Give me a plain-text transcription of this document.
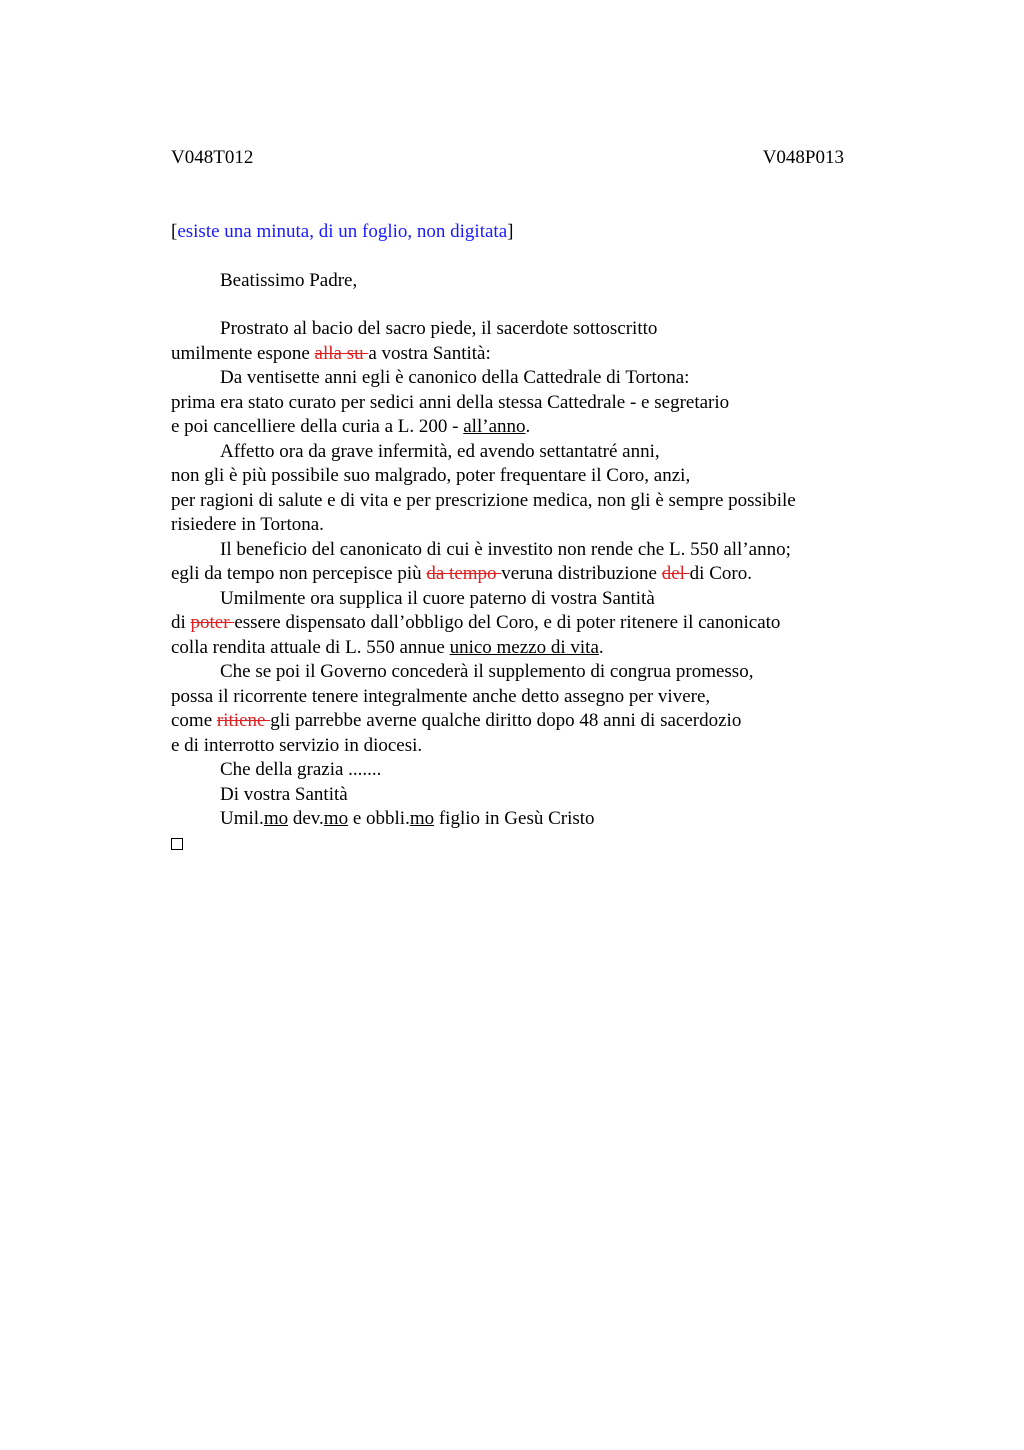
V048T012	V048P013
[esiste una minuta, di un foglio, non digitata]
Beatissimo Padre,
Prostrato al bacio del sacro piede, il sacerdote sottoscritto
umilmente espone alla su a vostra Santità:
Da ventisette anni egli è canonico della Cattedrale di Tortona:
prima era stato curato per sedici anni della stessa Cattedrale - e segretario
e poi cancelliere della curia a L. 200 - all’anno.
Affetto ora da grave infermità, ed avendo settantatré anni,
non gli è più possibile suo malgrado, poter frequentare il Coro, anzi,
per ragioni di salute e di vita e per prescrizione medica, non gli è sempre possibile
risiedere in Tortona.
Il beneficio del canonicato di cui è investito non rende che L. 550 all’anno;
egli da tempo non percepisce più da tempo veruna distribuzione del di Coro.
Umilmente ora supplica il cuore paterno di vostra Santità
di poter essere dispensato dall’obbligo del Coro, e di poter ritenere il canonicato
colla rendita attuale di L. 550 annue unico mezzo di vita.
Che se poi il Governo concederà il supplemento di congrua promesso,
possa il ricorrente tenere integralmente anche detto assegno per vivere,
come ritiene gli parrebbe averne qualche diritto dopo 48 anni di sacerdozio
e di interrotto servizio in diocesi.
Che della grazia .......
Di vostra Santità
Umil.mo dev.mo e obbli.mo figlio in Gesù Cristo
